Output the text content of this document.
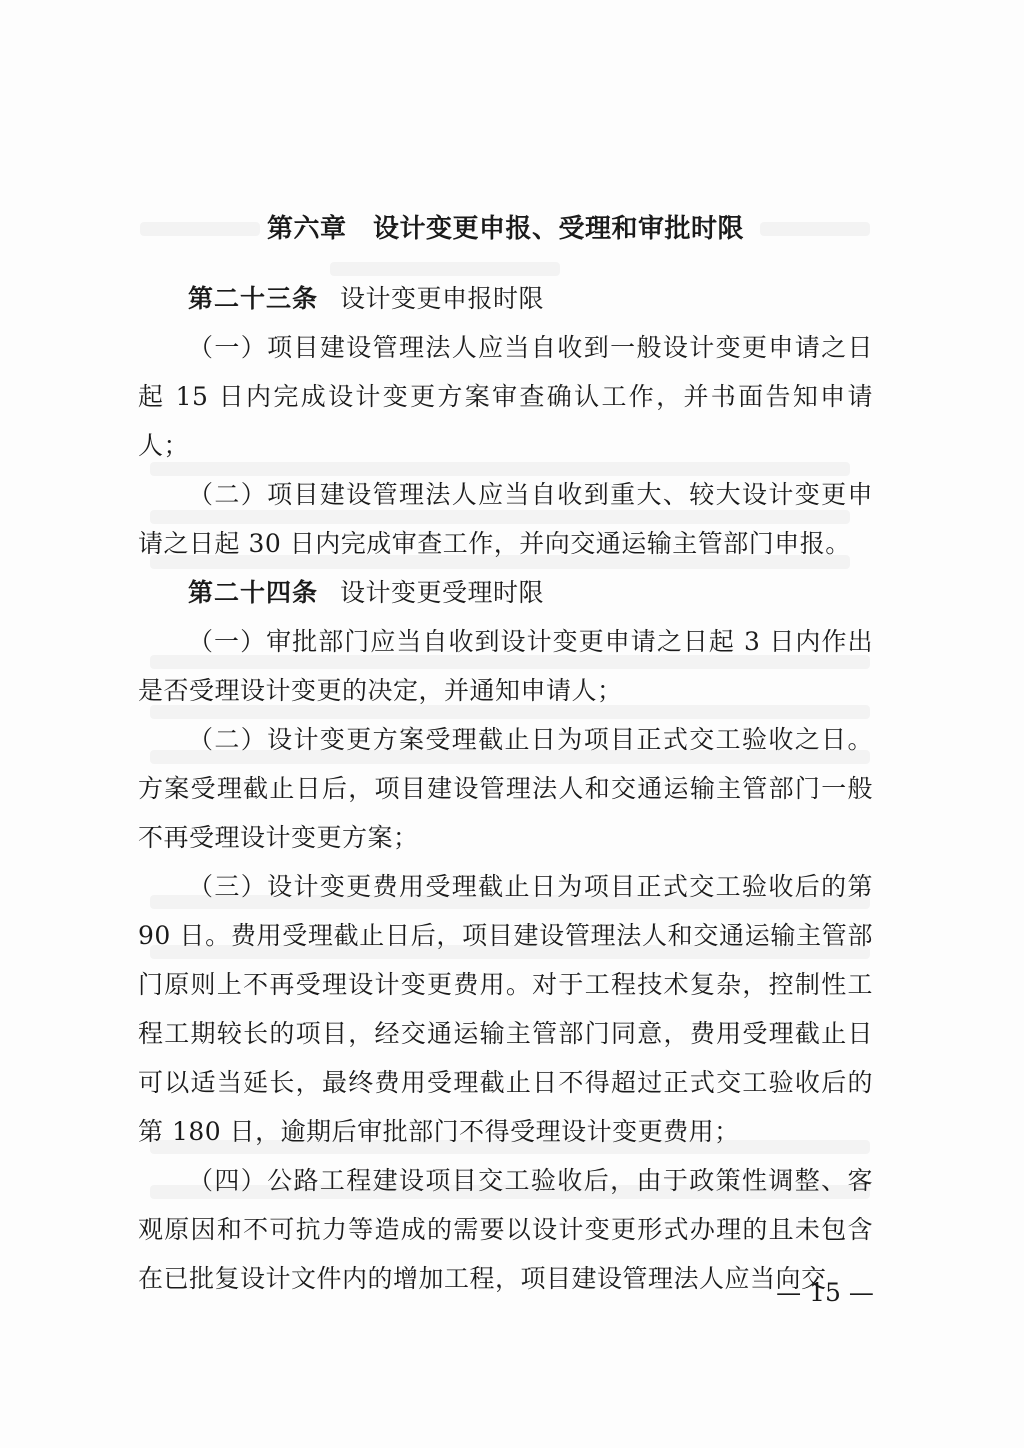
第六章　设计变更申报、受理和审批时限

第二十三条 设计变更申报时限

（一）项目建设管理法人应当自收到一般设计变更申请之日起 15 日内完成设计变更方案审查确认工作，并书面告知申请人；

（二）项目建设管理法人应当自收到重大、较大设计变更申请之日起 30 日内完成审查工作，并向交通运输主管部门申报。

第二十四条 设计变更受理时限

（一）审批部门应当自收到设计变更申请之日起 3 日内作出是否受理设计变更的决定，并通知申请人；

（二）设计变更方案受理截止日为项目正式交工验收之日。方案受理截止日后，项目建设管理法人和交通运输主管部门一般不再受理设计变更方案；

（三）设计变更费用受理截止日为项目正式交工验收后的第 90 日。费用受理截止日后，项目建设管理法人和交通运输主管部门原则上不再受理设计变更费用。对于工程技术复杂，控制性工程工期较长的项目，经交通运输主管部门同意，费用受理截止日可以适当延长，最终费用受理截止日不得超过正式交工验收后的第 180 日，逾期后审批部门不得受理设计变更费用；

（四）公路工程建设项目交工验收后，由于政策性调整、客观原因和不可抗力等造成的需要以设计变更形式办理的且未包含在已批复设计文件内的增加工程，项目建设管理法人应当向交

— 15 —
